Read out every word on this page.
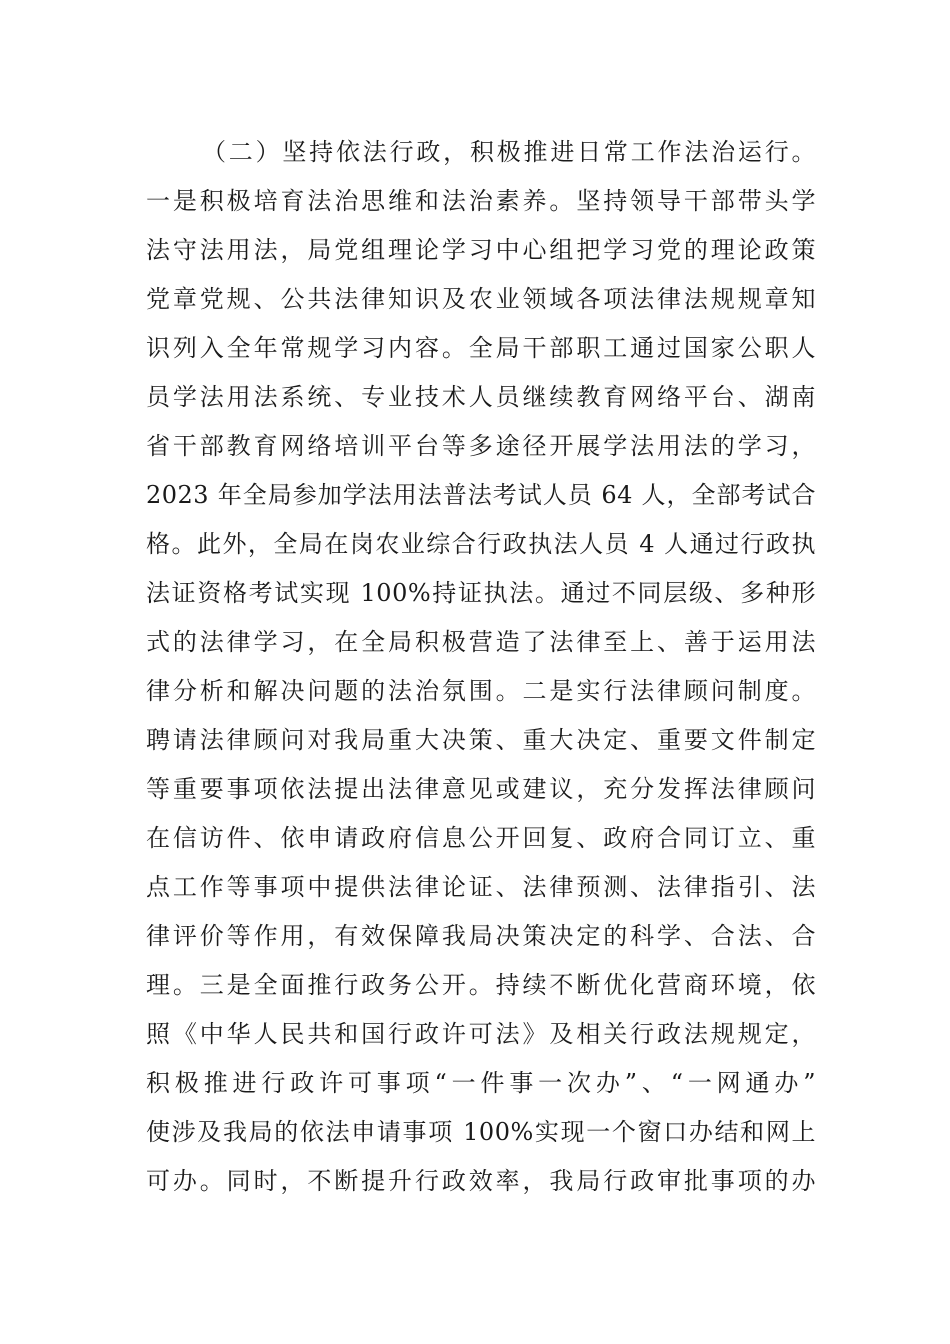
（二）坚持依法行政，积极推进日常工作法治运行。
一是积极培育法治思维和法治素养。坚持领导干部带头学
法守法用法，局党组理论学习中心组把学习党的理论政策
党章党规、公共法律知识及农业领域各项法律法规规章知
识列入全年常规学习内容。全局干部职工通过国家公职人
员学法用法系统、专业技术人员继续教育网络平台、湖南
省干部教育网络培训平台等多途径开展学法用法的学习，
2023 年全局参加学法用法普法考试人员 64 人，全部考试合
格。此外，全局在岗农业综合行政执法人员 4 人通过行政执
法证资格考试实现 100%持证执法。通过不同层级、多种形
式的法律学习，在全局积极营造了法律至上、善于运用法
律分析和解决问题的法治氛围。二是实行法律顾问制度。
聘请法律顾问对我局重大决策、重大决定、重要文件制定
等重要事项依法提出法律意见或建议，充分发挥法律顾问
在信访件、依申请政府信息公开回复、政府合同订立、重
点工作等事项中提供法律论证、法律预测、法律指引、法
律评价等作用，有效保障我局决策决定的科学、合法、合
理。三是全面推行政务公开。持续不断优化营商环境，依
照《中华人民共和国行政许可法》及相关行政法规规定，
积极推进行政许可事项“一件事一次办”、“一网通办”
使涉及我局的依法申请事项 100%实现一个窗口办结和网上
可办。同时，不断提升行政效率，我局行政审批事项的办
